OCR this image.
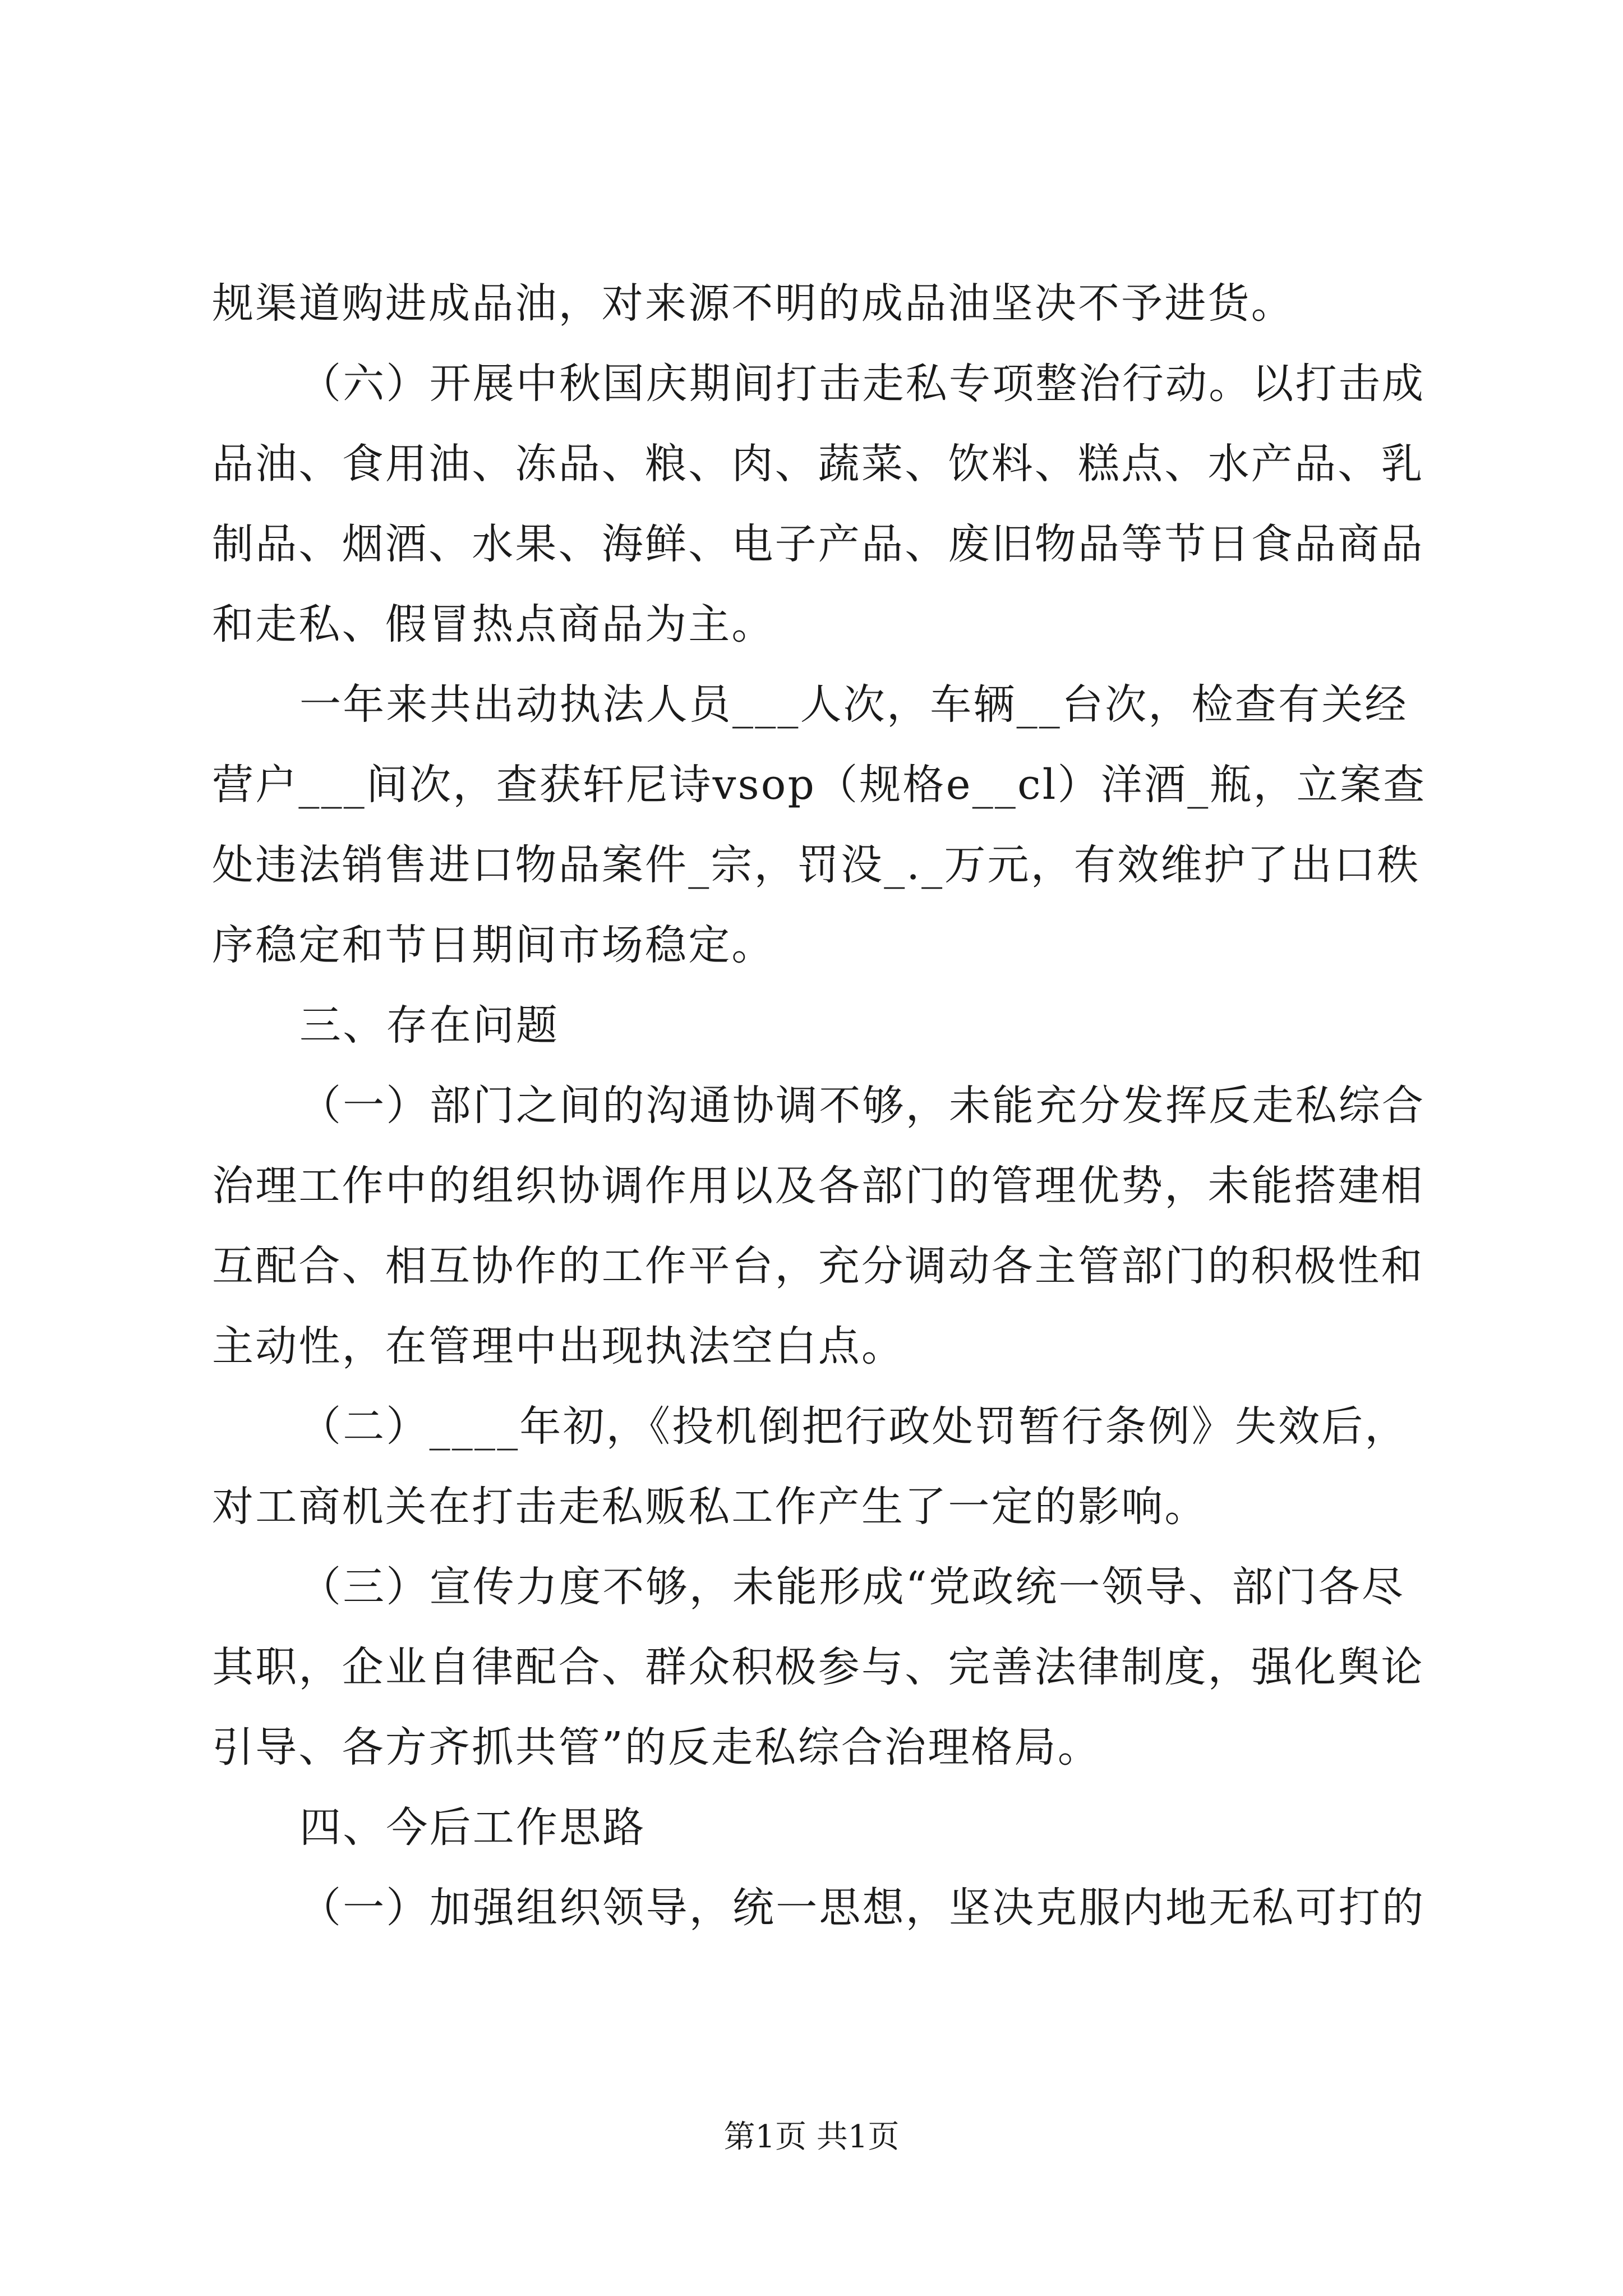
规渠道购进成品油，对来源不明的成品油坚决不予进货。
（六）开展中秋国庆期间打击走私专项整治行动。以打击成
品油、食用油、冻品、粮、肉、蔬菜、饮料、糕点、水产品、乳
制品、烟酒、水果、海鲜、电子产品、废旧物品等节日食品商品
和走私、假冒热点商品为主。
一年来共出动执法人员___人次，车辆__台次，检查有关经
营户___间次，查获轩尼诗vsop（规格e__cl）洋酒_瓶，立案查
处违法销售进口物品案件_宗，罚没_._万元，有效维护了出口秩
序稳定和节日期间市场稳定。
三、存在问题
（一）部门之间的沟通协调不够，未能充分发挥反走私综合
治理工作中的组织协调作用以及各部门的管理优势，未能搭建相
互配合、相互协作的工作平台，充分调动各主管部门的积极性和
主动性，在管理中出现执法空白点。
（二）____年初，《投机倒把行政处罚暂行条例》失效后，
对工商机关在打击走私贩私工作产生了一定的影响。
（三）宣传力度不够，未能形成“党政统一领导、部门各尽
其职，企业自律配合、群众积极参与、完善法律制度，强化舆论
引导、各方齐抓共管”的反走私综合治理格局。
四、今后工作思路
（一）加强组织领导，统一思想，坚决克服内地无私可打的
第1页 共1页
